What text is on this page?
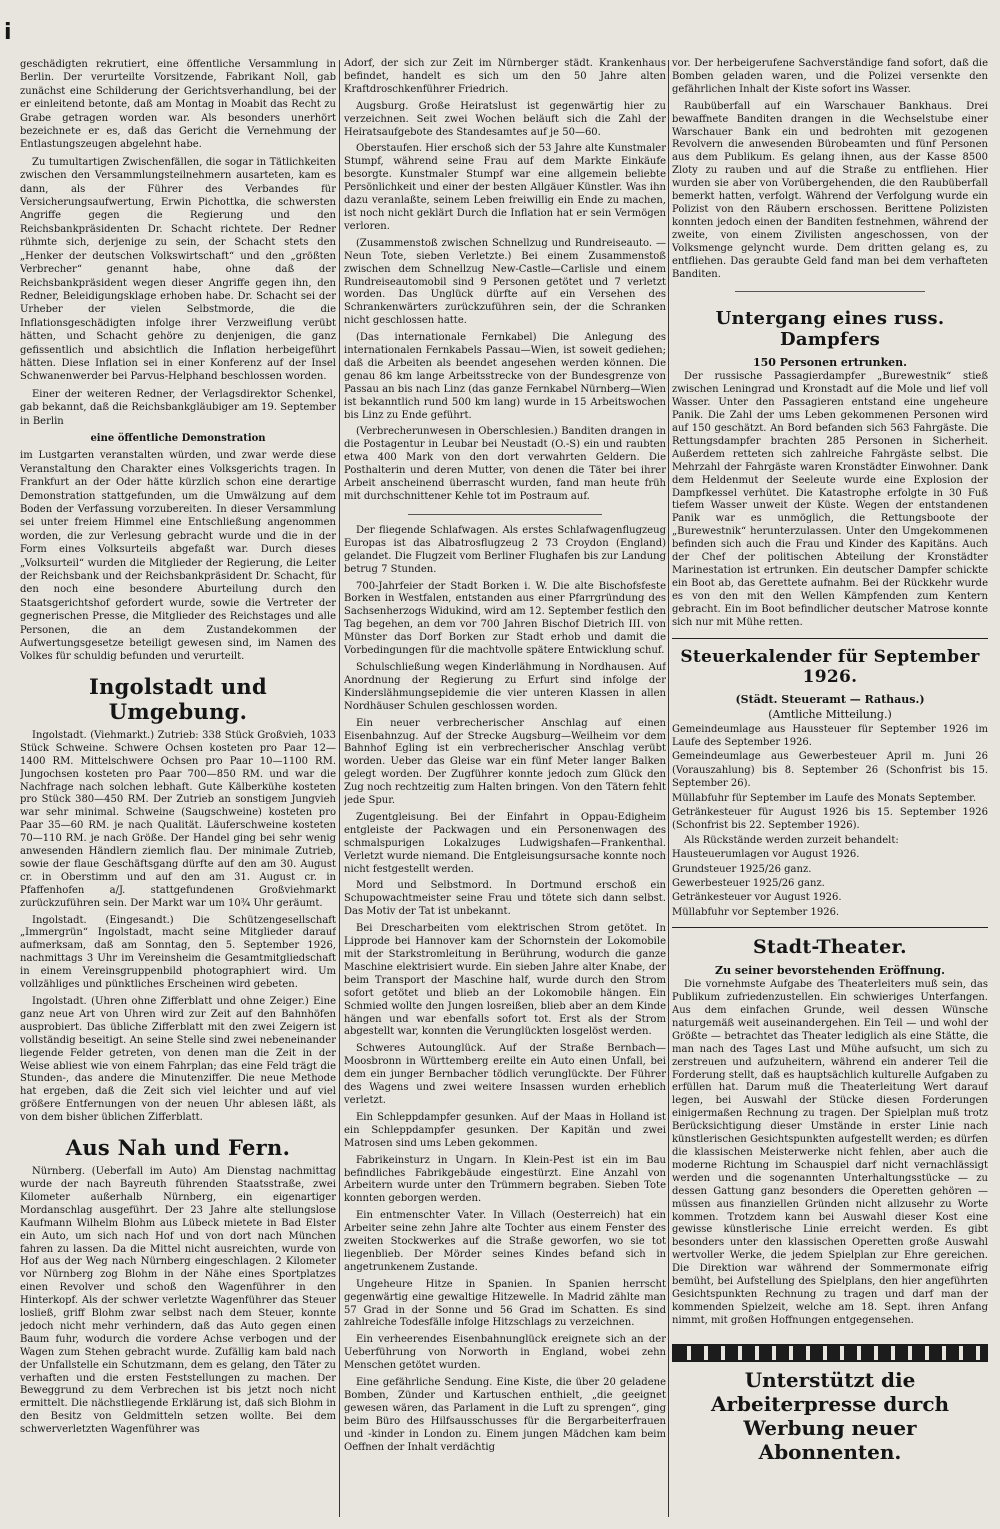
i

geschädigten rekrutiert, eine öffentliche Versammlung in Berlin. Der verurteilte Vorsitzende, Fabrikant Noll, gab zunächst eine Schilderung der Gerichtsverhandlung, bei der er einleitend betonte, daß am Montag in Moabit das Recht zu Grabe getragen worden war. Als besonders unerhört bezeichnete er es, daß das Gericht die Vernehmung der Entlastungszeugen abgelehnt habe.

Zu tumultartigen Zwischenfällen, die sogar in Tätlichkeiten zwischen den Versammlungsteilnehmern ausarteten, kam es dann, als der Führer des Verbandes für Versicherungsaufwertung, Erwin Pichottka, die schwersten Angriffe gegen die Regierung und den Reichsbankpräsidenten Dr. Schacht richtete. Der Redner rühmte sich, derjenige zu sein, der Schacht stets den „Henker der deutschen Volkswirtschaft“ und den „größten Verbrecher“ genannt habe, ohne daß der Reichsbankpräsident wegen dieser Angriffe gegen ihn, den Redner, Beleidigungsklage erhoben habe. Dr. Schacht sei der Urheber der vielen Selbstmorde, die die Inflationsgeschädigten infolge ihrer Verzweiflung verübt hätten, und Schacht gehöre zu denjenigen, die ganz gefissentlich und absichtlich die Inflation herbeigeführt hätten. Diese Inflation sei in einer Konferenz auf der Insel Schwanenwerder bei Parvus-Helphand beschlossen worden.

Einer der weiteren Redner, der Verlagsdirektor Schenkel, gab bekannt, daß die Reichsbankgläubiger am 19. September in Berlin

eine öffentliche Demonstration

im Lustgarten veranstalten würden, und zwar werde diese Veranstaltung den Charakter eines Volksgerichts tragen. In Frankfurt an der Oder hätte kürzlich schon eine derartige Demonstration stattgefunden, um die Umwälzung auf dem Boden der Verfassung vorzubereiten. In dieser Versammlung sei unter freiem Himmel eine Entschließung angenommen worden, die zur Verlesung gebracht wurde und die in der Form eines Volksurteils abgefaßt war. Durch dieses „Volksurteil“ wurden die Mitglieder der Regierung, die Leiter der Reichsbank und der Reichsbankpräsident Dr. Schacht, für den noch eine besondere Aburteilung durch den Staatsgerichtshof gefordert wurde, sowie die Vertreter der gegnerischen Presse, die Mitglieder des Reichstages und alle Personen, die an dem Zustandekommen der Aufwertungsgesetze beteiligt gewesen sind, im Namen des Volkes für schuldig befunden und verurteilt.

Ingolstadt und Umgebung.

Ingolstadt. (Viehmarkt.) Zutrieb: 338 Stück Großvieh, 1033 Stück Schweine. Schwere Ochsen kosteten pro Paar 12—1400 RM. Mittelschwere Ochsen pro Paar 10—1100 RM. Jungochsen kosteten pro Paar 700—850 RM. und war die Nachfrage nach solchen lebhaft. Gute Kälberkühe kosteten pro Stück 380—450 RM. Der Zutrieb an sonstigem Jungvieh war sehr minimal. Schweine (Saugschweine) kosteten pro Paar 35—60 RM. je nach Qualität. Läuferschweine kosteten 70—110 RM. je nach Größe. Der Handel ging bei sehr wenig anwesenden Händlern ziemlich flau. Der minimale Zutrieb, sowie der flaue Geschäftsgang dürfte auf den am 30. August cr. in Oberstimm und auf den am 31. August cr. in Pfaffenhofen a/J. stattgefundenen Großviehmarkt zurückzuführen sein. Der Markt war um 10¾ Uhr geräumt.

Ingolstadt. (Eingesandt.) Die Schützengesellschaft „Immergrün“ Ingolstadt, macht seine Mitglieder darauf aufmerksam, daß am Sonntag, den 5. September 1926, nachmittags 3 Uhr im Vereinsheim die Gesamtmitgliedschaft in einem Vereinsgruppenbild photographiert wird. Um vollzähliges und pünktliches Erscheinen wird gebeten.

Ingolstadt. (Uhren ohne Zifferblatt und ohne Zeiger.) Eine ganz neue Art von Uhren wird zur Zeit auf den Bahnhöfen ausprobiert. Das übliche Zifferblatt mit den zwei Zeigern ist vollständig beseitigt. An seine Stelle sind zwei nebeneinander liegende Felder getreten, von denen man die Zeit in der Weise abliest wie von einem Fahrplan; das eine Feld trägt die Stunden-, das andere die Minutenziffer. Die neue Methode hat ergeben, daß die Zeit sich viel leichter und auf viel größere Entfernungen von der neuen Uhr ablesen läßt, als von dem bisher üblichen Zifferblatt.

Aus Nah und Fern.

Nürnberg. (Ueberfall im Auto) Am Dienstag nachmittag wurde der nach Bayreuth führenden Staatsstraße, zwei Kilometer außerhalb Nürnberg, ein eigenartiger Mordanschlag ausgeführt. Der 23 Jahre alte stellungslose Kaufmann Wilhelm Blohm aus Lübeck mietete in Bad Elster ein Auto, um sich nach Hof und von dort nach München fahren zu lassen. Da die Mittel nicht ausreichten, wurde von Hof aus der Weg nach Nürnberg eingeschlagen. 2 Kilometer vor Nürnberg zog Blohm in der Nähe eines Sportplatzes einen Revolver und schoß den Wagenführer in den Hinterkopf. Als der schwer verletzte Wagenführer das Steuer losließ, griff Blohm zwar selbst nach dem Steuer, konnte jedoch nicht mehr verhindern, daß das Auto gegen einen Baum fuhr, wodurch die vordere Achse verbogen und der Wagen zum Stehen gebracht wurde. Zufällig kam bald nach der Unfallstelle ein Schutzmann, dem es gelang, den Täter zu verhaften und die ersten Feststellungen zu machen. Der Beweggrund zu dem Verbrechen ist bis jetzt noch nicht ermittelt. Die nächstliegende Erklärung ist, daß sich Blohm in den Besitz von Geldmitteln setzen wollte. Bei dem schwerverletzten Wagenführer was

Adorf, der sich zur Zeit im Nürnberger städt. Krankenhaus befindet, handelt es sich um den 50 Jahre alten Kraftdroschkenführer Friedrich.

Augsburg. Große Heiratslust ist gegenwärtig hier zu verzeichnen. Seit zwei Wochen beläuft sich die Zahl der Heiratsaufgebote des Standesamtes auf je 50—60.

Oberstaufen. Hier erschoß sich der 53 Jahre alte Kunstmaler Stumpf, während seine Frau auf dem Markte Einkäufe besorgte. Kunstmaler Stumpf war eine allgemein beliebte Persönlichkeit und einer der besten Allgäuer Künstler. Was ihn dazu veranlaßte, seinem Leben freiwillig ein Ende zu machen, ist noch nicht geklärt Durch die Inflation hat er sein Vermögen verloren.

(Zusammenstoß zwischen Schnellzug und Rundreiseauto. — Neun Tote, sieben Verletzte.) Bei einem Zusammenstoß zwischen dem Schnellzug New-Castle—Carlisle und einem Rundreiseautomobil sind 9 Personen getötet und 7 verletzt worden. Das Unglück dürfte auf ein Versehen des Schrankenwärters zurückzuführen sein, der die Schranken nicht geschlossen hatte.

(Das internationale Fernkabel) Die Anlegung des internationalen Fernkabels Passau—Wien, ist soweit gediehen; daß die Arbeiten als beendet angesehen werden können. Die genau 86 km lange Arbeitsstrecke von der Bundesgrenze von Passau an bis nach Linz (das ganze Fernkabel Nürnberg—Wien ist bekanntlich rund 500 km lang) wurde in 15 Arbeitswochen bis Linz zu Ende geführt.

(Verbrecherunwesen in Oberschlesien.) Banditen drangen in die Postagentur in Leubar bei Neustadt (O.-S) ein und raubten etwa 400 Mark von den dort verwahrten Geldern. Die Posthalterin und deren Mutter, von denen die Täter bei ihrer Arbeit anscheinend überrascht wurden, fand man heute früh mit durchschnittener Kehle tot im Postraum auf.

Der fliegende Schlafwagen. Als erstes Schlafwagenflugzeug Europas ist das Albatrosflugzeug 2 73 Croydon (England) gelandet. Die Flugzeit vom Berliner Flughafen bis zur Landung betrug 7 Stunden.

700-Jahrfeier der Stadt Borken i. W. Die alte Bischofsfeste Borken in Westfalen, entstanden aus einer Pfarrgründung des Sachsenherzogs Widukind, wird am 12. September festlich den Tag begehen, an dem vor 700 Jahren Bischof Dietrich III. von Münster das Dorf Borken zur Stadt erhob und damit die Vorbedingungen für die machtvolle spätere Entwicklung schuf.

Schulschließung wegen Kinderlähmung in Nordhausen. Auf Anordnung der Regierung zu Erfurt sind infolge der Kinderslähmungsepidemie die vier unteren Klassen in allen Nordhäuser Schulen geschlossen worden.

Ein neuer verbrecherischer Anschlag auf einen Eisenbahnzug. Auf der Strecke Augsburg—Weilheim vor dem Bahnhof Egling ist ein verbrecherischer Anschlag verübt worden. Ueber das Gleise war ein fünf Meter langer Balken gelegt worden. Der Zugführer konnte jedoch zum Glück den Zug noch rechtzeitig zum Halten bringen. Von den Tätern fehlt jede Spur.

Zugentgleisung. Bei der Einfahrt in Oppau-Edigheim entgleiste der Packwagen und ein Personenwagen des schmalspurigen Lokalzuges Ludwigshafen—Frankenthal. Verletzt wurde niemand. Die Entgleisungsursache konnte noch nicht festgestellt werden.

Mord und Selbstmord. In Dortmund erschoß ein Schupowachtmeister seine Frau und tötete sich dann selbst. Das Motiv der Tat ist unbekannt.

Bei Drescharbeiten vom elektrischen Strom getötet. In Lipprode bei Hannover kam der Schornstein der Lokomobile mit der Starkstromleitung in Berührung, wodurch die ganze Maschine elektrisiert wurde. Ein sieben Jahre alter Knabe, der beim Transport der Maschine half, wurde durch den Strom sofort getötet und blieb an der Lokomobile hängen. Ein Schmied wollte den Jungen losreißen, blieb aber an dem Kinde hängen und war ebenfalls sofort tot. Erst als der Strom abgestellt war, konnten die Verunglückten losgelöst werden.

Schweres Autounglück. Auf der Straße Bernbach—Moosbronn in Württemberg ereilte ein Auto einen Unfall, bei dem ein junger Bernbacher tödlich verunglückte. Der Führer des Wagens und zwei weitere Insassen wurden erheblich verletzt.

Ein Schleppdampfer gesunken. Auf der Maas in Holland ist ein Schleppdampfer gesunken. Der Kapitän und zwei Matrosen sind ums Leben gekommen.

Fabrikeinsturz in Ungarn. In Klein-Pest ist ein im Bau befindliches Fabrikgebäude eingestürzt. Eine Anzahl von Arbeitern wurde unter den Trümmern begraben. Sieben Tote konnten geborgen werden.

Ein entmenschter Vater. In Villach (Oesterreich) hat ein Arbeiter seine zehn Jahre alte Tochter aus einem Fenster des zweiten Stockwerkes auf die Straße geworfen, wo sie tot liegenblieb. Der Mörder seines Kindes befand sich in angetrunkenem Zustande.

Ungeheure Hitze in Spanien. In Spanien herrscht gegenwärtig eine gewaltige Hitzewelle. In Madrid zählte man 57 Grad in der Sonne und 56 Grad im Schatten. Es sind zahlreiche Todesfälle infolge Hitzschlags zu verzeichnen.

Ein verheerendes Eisenbahnunglück ereignete sich an der Ueberführung von Norworth in England, wobei zehn Menschen getötet wurden.

Eine gefährliche Sendung. Eine Kiste, die über 20 geladene Bomben, Zünder und Kartuschen enthielt, „die geeignet gewesen wären, das Parlament in die Luft zu sprengen“, ging beim Büro des Hilfsausschusses für die Bergarbeiterfrauen und -kinder in London zu. Einem jungen Mädchen kam beim Oeffnen der Inhalt verdächtig

vor. Der herbeigerufene Sachverständige fand sofort, daß die Bomben geladen waren, und die Polizei versenkte den gefährlichen Inhalt der Kiste sofort ins Wasser.

Raubüberfall auf ein Warschauer Bankhaus. Drei bewaffnete Banditen drangen in die Wechselstube einer Warschauer Bank ein und bedrohten mit gezogenen Revolvern die anwesenden Bürobeamten und fünf Personen aus dem Publikum. Es gelang ihnen, aus der Kasse 8500 Zloty zu rauben und auf die Straße zu entfliehen. Hier wurden sie aber von Vorübergehenden, die den Raubüberfall bemerkt hatten, verfolgt. Während der Verfolgung wurde ein Polizist von den Räubern erschossen. Berittene Polizisten konnten jedoch einen der Banditen festnehmen, während der zweite, von einem Zivilisten angeschossen, von der Volksmenge gelyncht wurde. Dem dritten gelang es, zu entfliehen. Das geraubte Geld fand man bei dem verhafteten Banditen.

Untergang eines russ. Dampfers
150 Personen ertrunken.

Der russische Passagierdampfer „Burewestnik“ stieß zwischen Leningrad und Kronstadt auf die Mole und lief voll Wasser. Unter den Passagieren entstand eine ungeheure Panik. Die Zahl der ums Leben gekommenen Personen wird auf 150 geschätzt. An Bord befanden sich 563 Fahrgäste. Die Rettungsdampfer brachten 285 Personen in Sicherheit. Außerdem retteten sich zahlreiche Fahrgäste selbst. Die Mehrzahl der Fahrgäste waren Kronstädter Einwohner. Dank dem Heldenmut der Seeleute wurde eine Explosion der Dampfkessel verhütet. Die Katastrophe erfolgte in 30 Fuß tiefem Wasser unweit der Küste. Wegen der entstandenen Panik war es unmöglich, die Rettungsboote der „Burewestnik“ herunterzulassen. Unter den Umgekommenen befinden sich auch die Frau und Kinder des Kapitäns. Auch der Chef der politischen Abteilung der Kronstädter Marinestation ist ertrunken. Ein deutscher Dampfer schickte ein Boot ab, das Gerettete aufnahm. Bei der Rückkehr wurde es von den mit den Wellen Kämpfenden zum Kentern gebracht. Ein im Boot befindlicher deutscher Matrose konnte sich nur mit Mühe retten.

Steuerkalender für September 1926.
(Städt. Steueramt — Rathaus.)
(Amtliche Mitteilung.)

Gemeindeumlage aus Haussteuer für September 1926 im Laufe des September 1926.

Gemeindeumlage aus Gewerbesteuer April m. Juni 26 (Vorauszahlung) bis 8. September 26 (Schonfrist bis 15. September 26).

Müllabfuhr für September im Laufe des Monats September.

Getränkesteuer für August 1926 bis 15. September 1926 (Schonfrist bis 22. September 1926).

Als Rückstände werden zurzeit behandelt:

Hausteuerumlagen vor August 1926.

Grundsteuer 1925/26 ganz.

Gewerbesteuer 1925/26 ganz.

Getränkesteuer vor August 1926.

Müllabfuhr vor September 1926.

Stadt-Theater.
Zu seiner bevorstehenden Eröffnung.

Die vornehmste Aufgabe des Theaterleiters muß sein, das Publikum zufriedenzustellen. Ein schwieriges Unterfangen. Aus dem einfachen Grunde, weil dessen Wünsche naturgemäß weit auseinandergehen. Ein Teil — und wohl der Größte — betrachtet das Theater lediglich als eine Stätte, die man nach des Tages Last und Mühe aufsucht, um sich zu zerstreuen und aufzuheitern, während ein anderer Teil die Forderung stellt, daß es hauptsächlich kulturelle Aufgaben zu erfüllen hat. Darum muß die Theaterleitung Wert darauf legen, bei Auswahl der Stücke diesen Forderungen einigermaßen Rechnung zu tragen. Der Spielplan muß trotz Berücksichtigung dieser Umstände in erster Linie nach künstlerischen Gesichtspunkten aufgestellt werden; es dürfen die klassischen Meisterwerke nicht fehlen, aber auch die moderne Richtung im Schauspiel darf nicht vernachlässigt werden und die sogenannten Unterhaltungsstücke — zu dessen Gattung ganz besonders die Operetten gehören — müssen aus finanziellen Gründen nicht allzusehr zu Worte kommen. Trotzdem kann bei Auswahl dieser Kost eine gewisse künstlerische Linie erreicht werden. Es gibt besonders unter den klassischen Operetten große Auswahl wertvoller Werke, die jedem Spielplan zur Ehre gereichen. Die Direktion war während der Sommermonate eifrig bemüht, bei Aufstellung des Spielplans, den hier angeführten Gesichtspunkten Rechnung zu tragen und darf man der kommenden Spielzeit, welche am 18. Sept. ihren Anfang nimmt, mit großen Hoffnungen entgegensehen.

Unterstützt die Arbeiterpresse durch
Werbung neuer Abonnenten.
